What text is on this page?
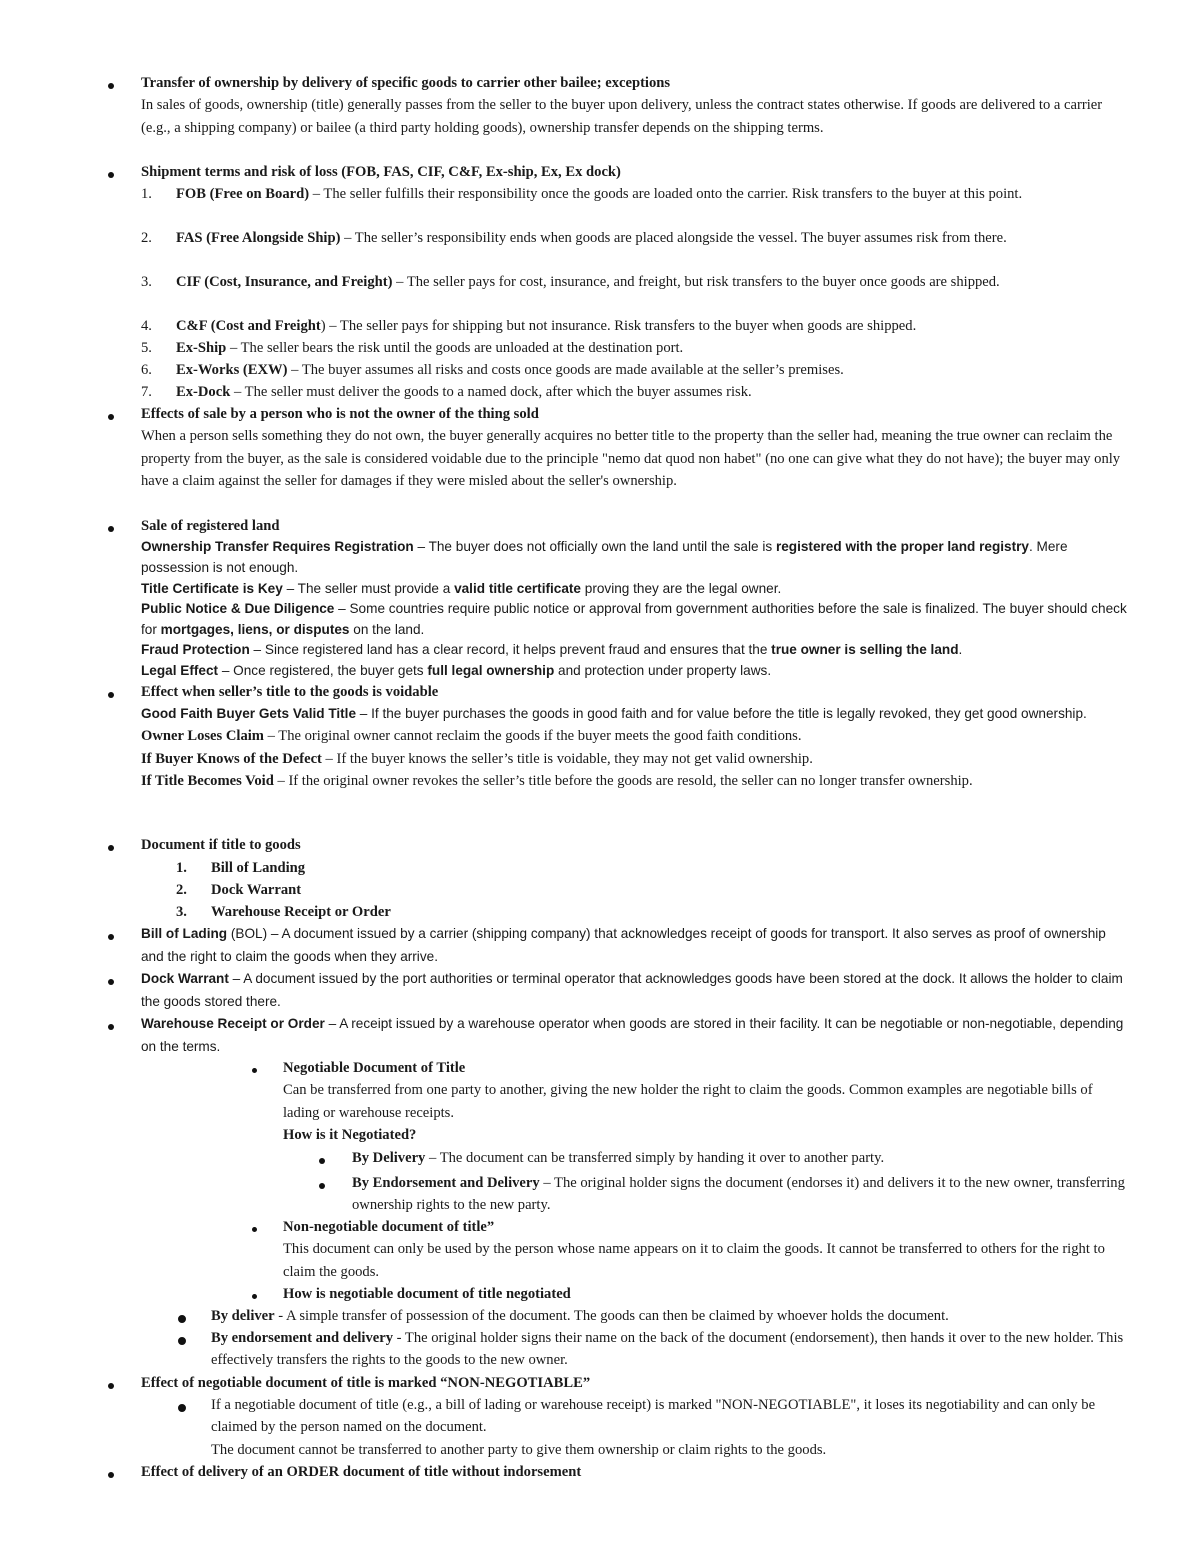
Transfer of ownership by delivery of specific goods to carrier other bailee; exceptions

In sales of goods, ownership (title) generally passes from the seller to the buyer upon delivery, unless the contract states otherwise. If goods are delivered to a carrier (e.g., a shipping company) or bailee (a third party holding goods), ownership transfer depends on the shipping terms.

Shipment terms and risk of loss (FOB, FAS, CIF, C&F, Ex-ship, Ex, Ex dock)

1.	FOB (Free on Board) – The seller fulfills their responsibility once the goods are loaded onto the carrier. Risk transfers to the buyer at this point.
2.	FAS (Free Alongside Ship) – The seller’s responsibility ends when goods are placed alongside the vessel. The buyer assumes risk from there.
3.	CIF (Cost, Insurance, and Freight) – The seller pays for cost, insurance, and freight, but risk transfers to the buyer once goods are shipped.
4.	C&F (Cost and Freight) – The seller pays for shipping but not insurance. Risk transfers to the buyer when goods are shipped.
5.	Ex-Ship – The seller bears the risk until the goods are unloaded at the destination port.
6.	Ex-Works (EXW) – The buyer assumes all risks and costs once goods are made available at the seller’s premises.
7.	Ex-Dock – The seller must deliver the goods to a named dock, after which the buyer assumes risk.

Effects of sale by a person who is not the owner of the thing sold

When a person sells something they do not own, the buyer generally acquires no better title to the property than the seller had, meaning the true owner can reclaim the property from the buyer, as the sale is considered voidable due to the principle "nemo dat quod non habet" (no one can give what they do not have); the buyer may only have a claim against the seller for damages if they were misled about the seller's ownership.

Sale of registered land

Ownership Transfer Requires Registration – The buyer does not officially own the land until the sale is registered with the proper land registry. Mere possession is not enough.

Title Certificate is Key – The seller must provide a valid title certificate proving they are the legal owner.

Public Notice & Due Diligence – Some countries require public notice or approval from government authorities before the sale is finalized. The buyer should check for mortgages, liens, or disputes on the land.

Fraud Protection – Since registered land has a clear record, it helps prevent fraud and ensures that the true owner is selling the land.

Legal Effect – Once registered, the buyer gets full legal ownership and protection under property laws.

Effect when seller’s title to the goods is voidable

Good Faith Buyer Gets Valid Title – If the buyer purchases the goods in good faith and for value before the title is legally revoked, they get good ownership.

Owner Loses Claim – The original owner cannot reclaim the goods if the buyer meets the good faith conditions.

If Buyer Knows of the Defect – If the buyer knows the seller’s title is voidable, they may not get valid ownership.

If Title Becomes Void – If the original owner revokes the seller’s title before the goods are resold, the seller can no longer transfer ownership.

Document if title to goods

1.	Bill of Landing
2.	Dock Warrant
3.	Warehouse Receipt or Order

Bill of Lading (BOL) – A document issued by a carrier (shipping company) that acknowledges receipt of goods for transport. It also serves as proof of ownership and the right to claim the goods when they arrive.

Dock Warrant – A document issued by the port authorities or terminal operator that acknowledges goods have been stored at the dock. It allows the holder to claim the goods stored there.

Warehouse Receipt or Order – A receipt issued by a warehouse operator when goods are stored in their facility. It can be negotiable or non-negotiable, depending on the terms.

Negotiable Document of Title

Can be transferred from one party to another, giving the new holder the right to claim the goods. Common examples are negotiable bills of lading or warehouse receipts.

How is it Negotiated?

By Delivery – The document can be transferred simply by handing it over to another party.

By Endorsement and Delivery – The original holder signs the document (endorses it) and delivers it to the new owner, transferring ownership rights to the new party.

Non-negotiable document of title”

This document can only be used by the person whose name appears on it to claim the goods. It cannot be transferred to others for the right to claim the goods.

How is negotiable document of title negotiated

By deliver - A simple transfer of possession of the document. The goods can then be claimed by whoever holds the document.

By endorsement and delivery - The original holder signs their name on the back of the document (endorsement), then hands it over to the new holder. This effectively transfers the rights to the goods to the new owner.

Effect of negotiable document of title is marked “NON-NEGOTIABLE”

If a negotiable document of title (e.g., a bill of lading or warehouse receipt) is marked "NON-NEGOTIABLE", it loses its negotiability and can only be claimed by the person named on the document.

The document cannot be transferred to another party to give them ownership or claim rights to the goods.

Effect of delivery of an ORDER document of title without indorsement
